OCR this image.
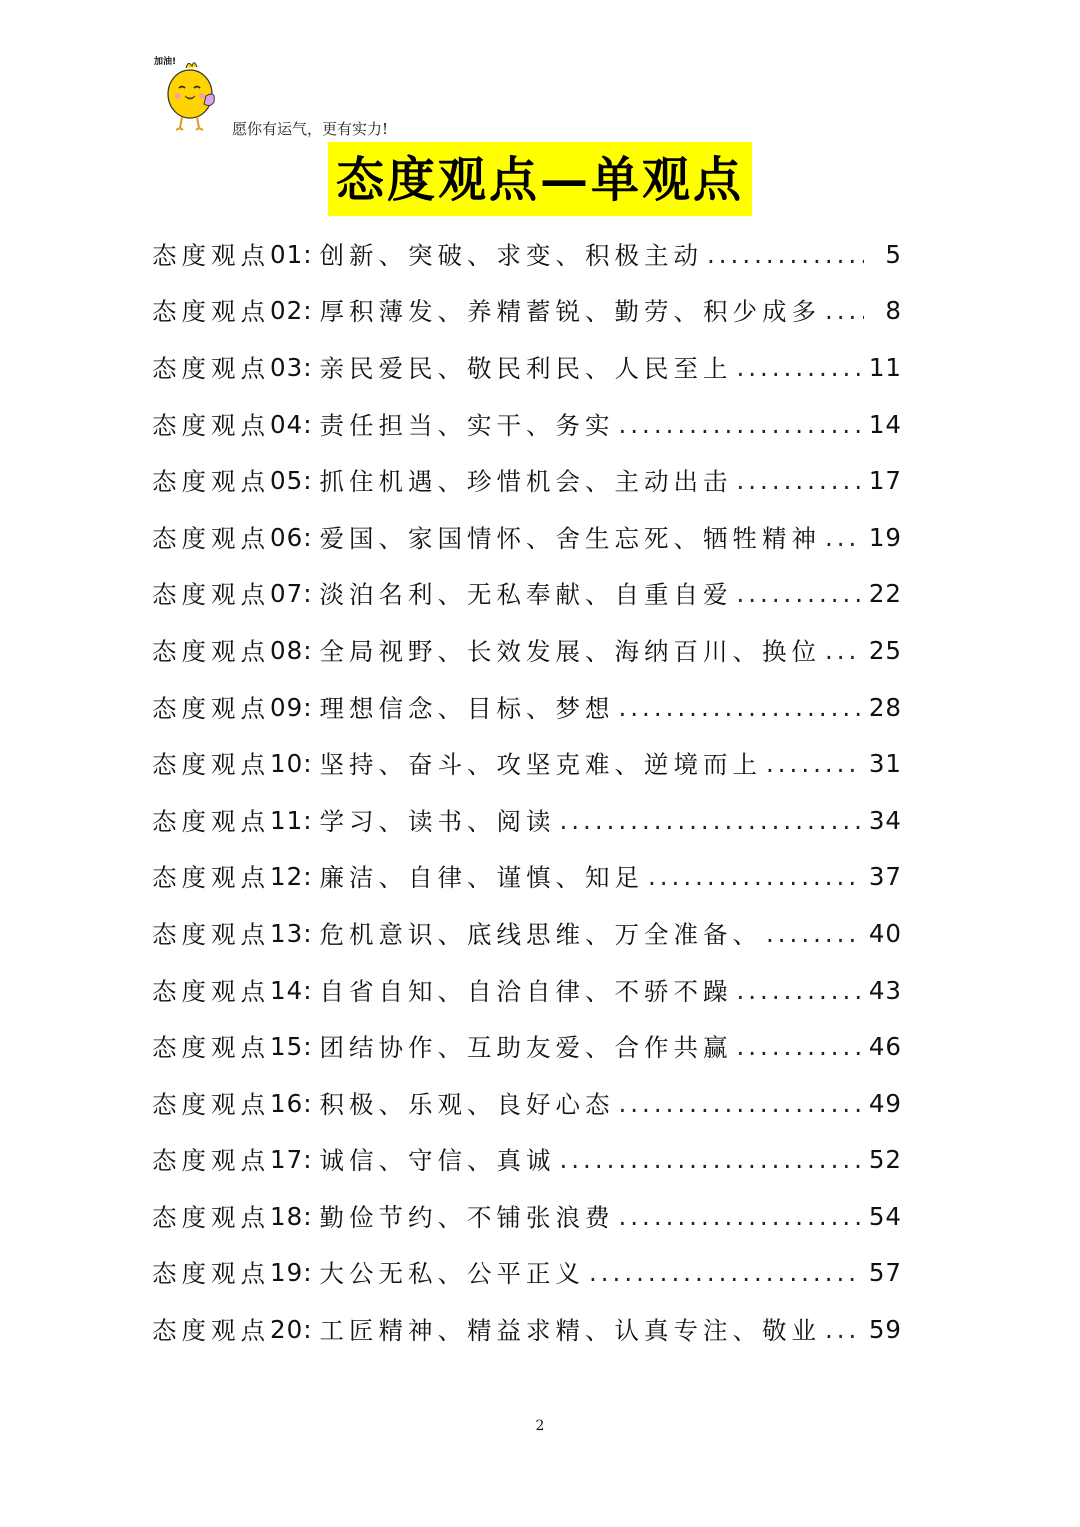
加油!
愿你有运气，更有实力!
态度观点—单观点
态度观点 01 : 创新、突破、求变、积极主动 .....	5
态度观点 02 : 厚积薄发、养精蓄锐、勤劳、积少成多 .....	8
态度观点 03 : 亲民爱民、敬民利民、人民至上 .....	11
态度观点 04 : 责任担当、实干、务实 .....	14
态度观点 05 : 抓住机遇、珍惜机会、主动出击 .....	17
态度观点 06 : 爱国、家国情怀、舍生忘死、牺牲精神 ..... 19
态度观点 07 : 淡泊名利、无私奉献、自重自爱 .....	22
态度观点 08 : 全局视野、长效发展、海纳百川、换位 ..... 25
态度观点 09 : 理想信念、目标、梦想 .....	28
态度观点 10 : 坚持、奋斗、攻坚克难、逆境而上 .....	31
态度观点 11 : 学习、读书、阅读 .....	34
态度观点 12 : 廉洁、自律、谨慎、知足 .....	37
态度观点 13 : 危机意识、底线思维、万全准备、 .....	40
态度观点 14 : 自省自知、自洽自律、不骄不躁 .....	43
态度观点 15 : 团结协作、互助友爱、合作共赢 .....	46
态度观点 16 : 积极、乐观、良好心态 .....	49
态度观点 17 : 诚信、守信、真诚 .....	52
态度观点 18 : 勤俭节约、不铺张浪费 .....	54
态度观点 19 : 大公无私、公平正义 .....	57
态度观点 20 : 工匠精神、精益求精、认真专注、敬业 ..... 59
2
